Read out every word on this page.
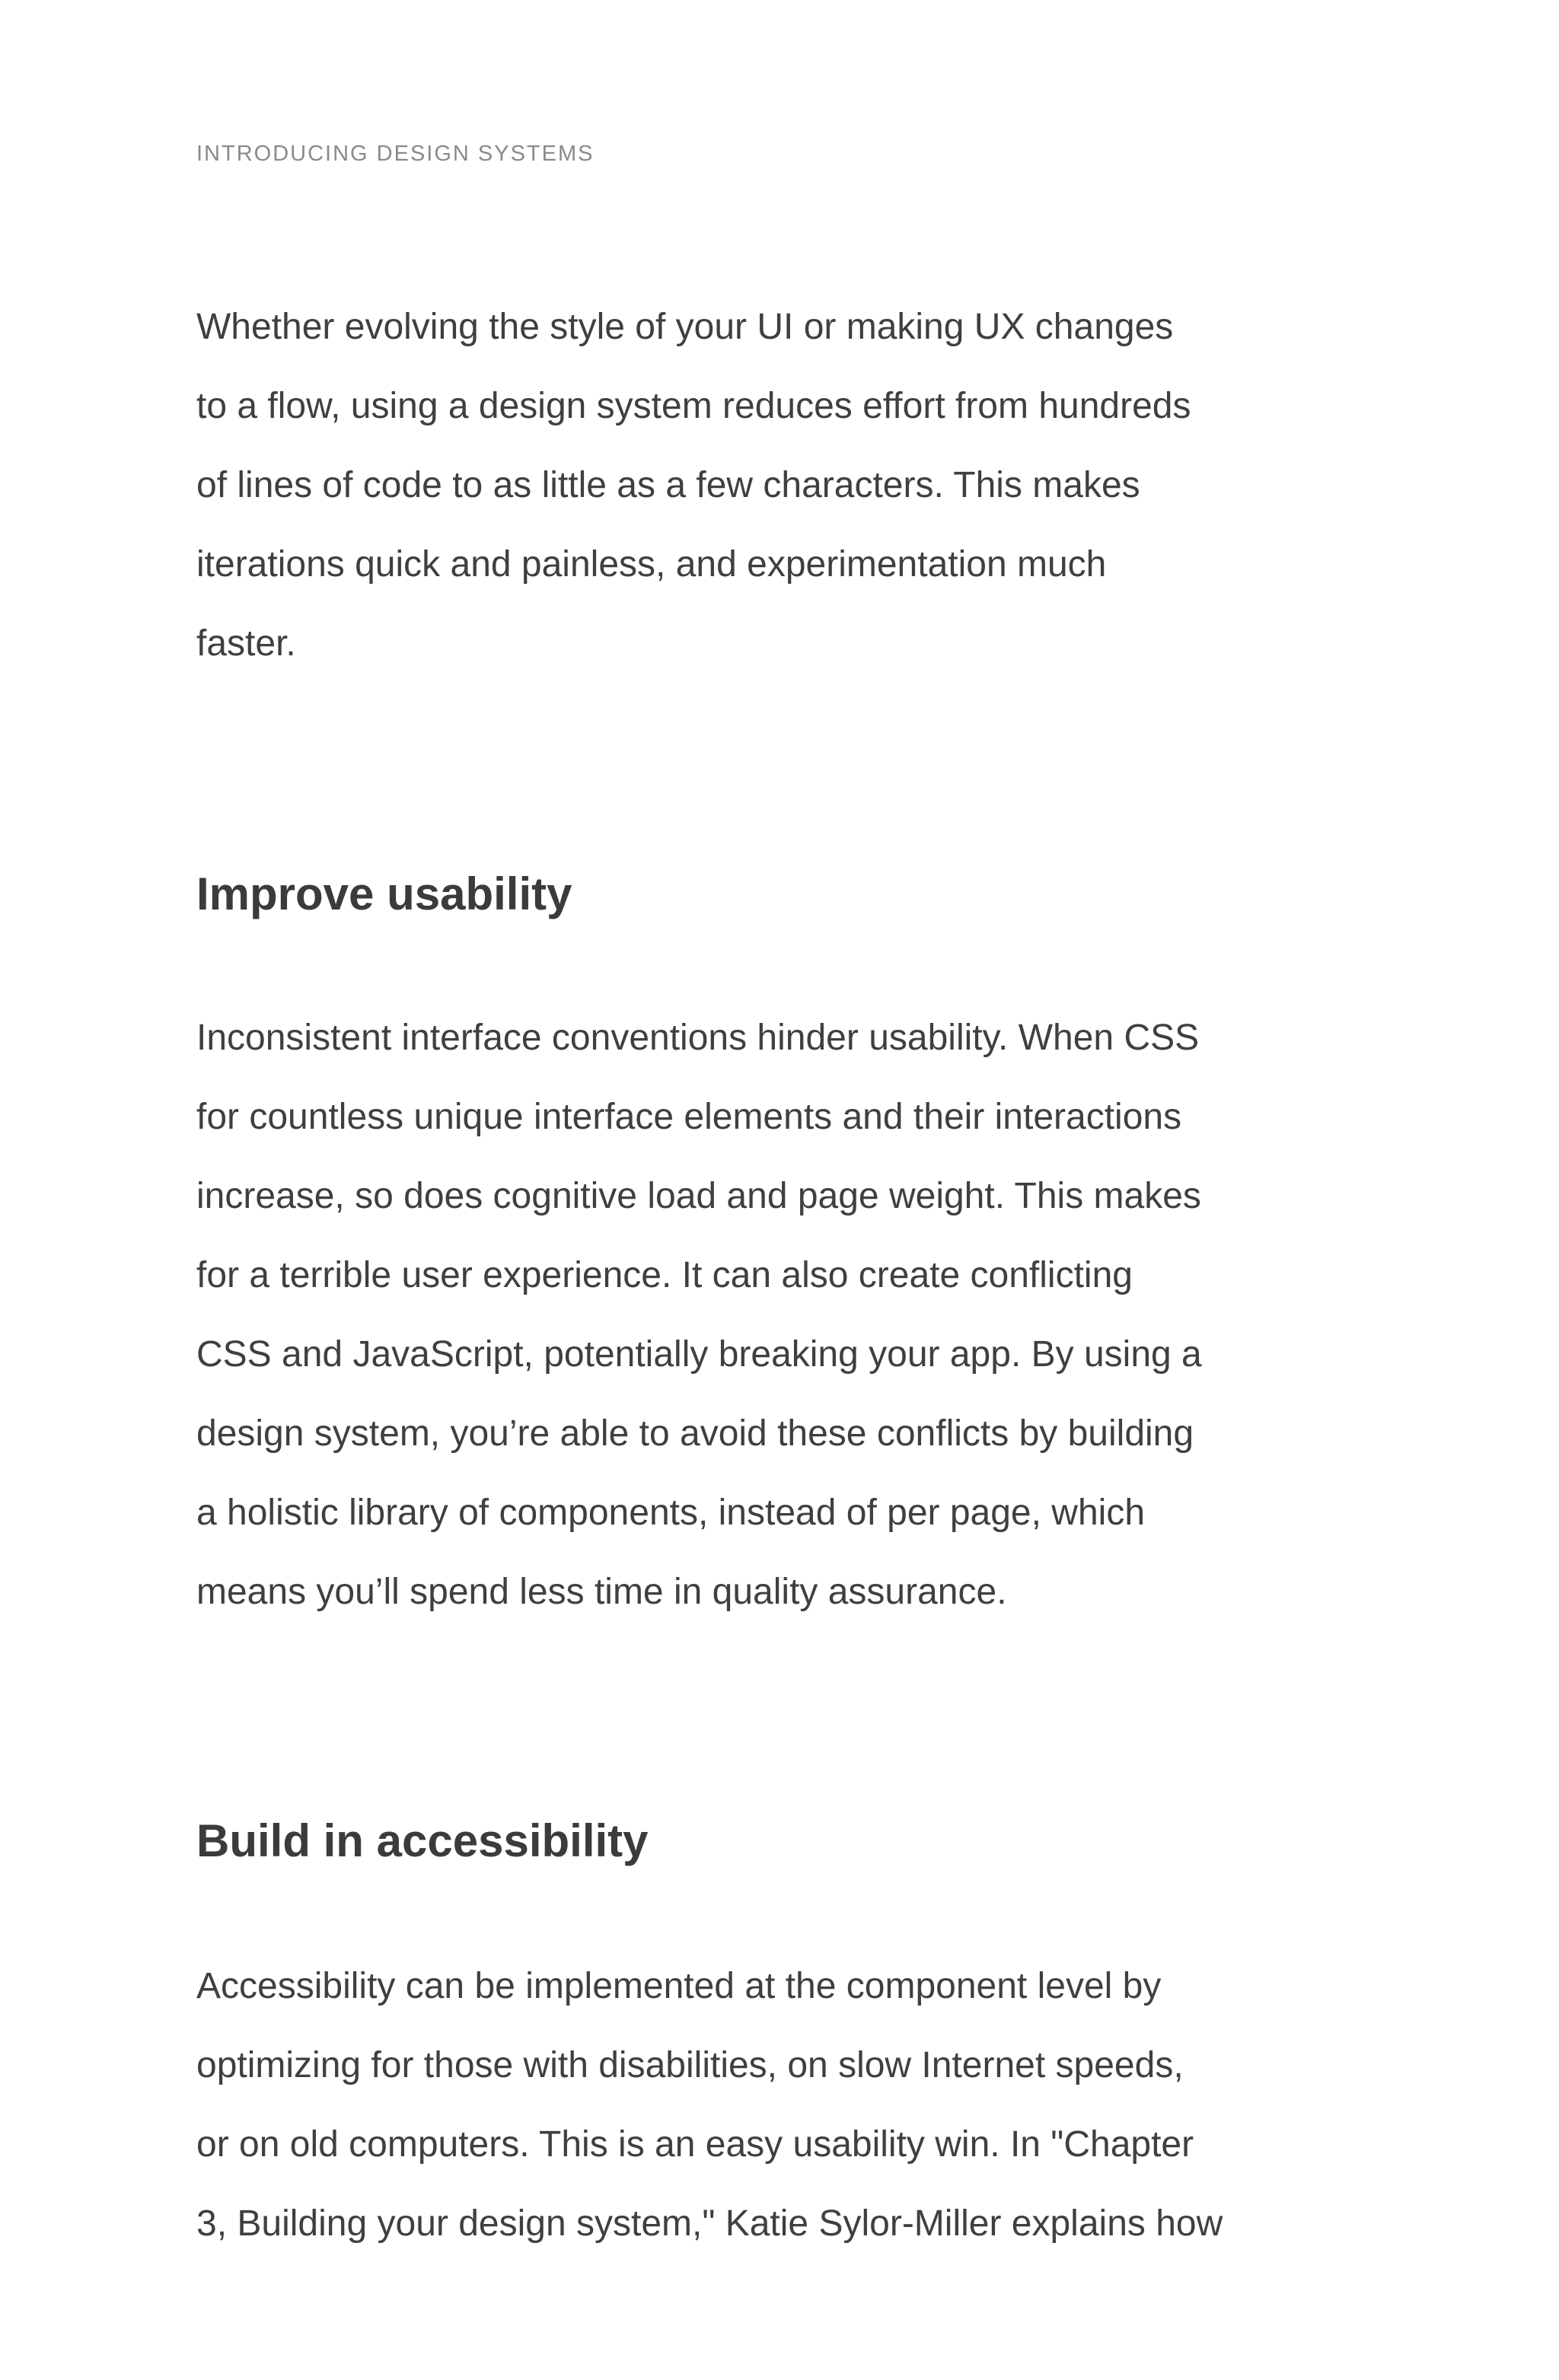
INTRODUCING DESIGN SYSTEMS

Whether evolving the style of your UI or making UX changes
to a flow, using a design system reduces effort from hundreds
of lines of code to as little as a few characters. This makes
iterations quick and painless, and experimentation much
faster.

Improve usability

Inconsistent interface conventions hinder usability. When CSS
for countless unique interface elements and their interactions
increase, so does cognitive load and page weight. This makes
for a terrible user experience. It can also create conflicting
CSS and JavaScript, potentially breaking your app. By using a
design system, you’re able to avoid these conflicts by building
a holistic library of components, instead of per page, which
means you’ll spend less time in quality assurance.

Build in accessibility

Accessibility can be implemented at the component level by
optimizing for those with disabilities, on slow Internet speeds,
or on old computers. This is an easy usability win. In "Chapter
3, Building your design system," Katie Sylor-Miller explains how
